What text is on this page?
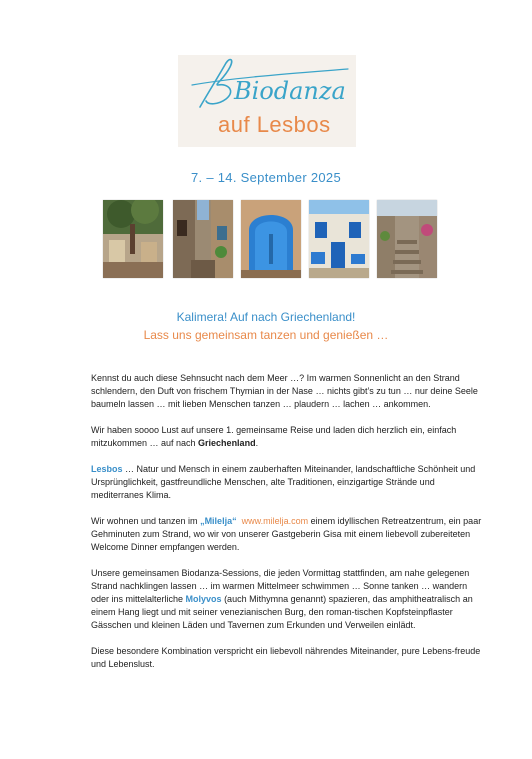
Biodanza
auf Lesbos
7. – 14. September 2025
Kalimera! Auf nach Griechenland!
Lass uns gemeinsam tanzen und genießen …

Kennst du auch diese Sehnsucht nach dem Meer …? Im warmen Sonnenlicht an den Strand schlendern, den Duft von frischem Thymian in der Nase … nichts gibt’s zu tun … nur deine Seele baumeln lassen … mit lieben Menschen tanzen … plaudern … lachen … ankommen.

Wir haben soooo Lust auf unsere 1. gemeinsame Reise und laden dich herzlich ein, einfach mitzukommen … auf nach Griechenland.

Lesbos … Natur und Mensch in einem zauberhaften Miteinander, landschaftliche Schönheit und Ursprünglichkeit, gastfreundliche Menschen, alte Traditionen, einzigartige Strände und mediterranes Klima.

Wir wohnen und tanzen im „Milelja“ www.milelja.com einem idyllischen Retreatzentrum, ein paar Gehminuten zum Strand, wo wir von unserer Gastgeberin Gisa mit einem liebevoll zubereiteten Welcome Dinner empfangen werden.

Unsere gemeinsamen Biodanza-Sessions, die jeden Vormittag stattfinden, am nahe gelegenen Strand nachklingen lassen … im warmen Mittelmeer schwimmen … Sonne tanken … wandern oder ins mittelalterliche Molyvos (auch Mithymna genannt) spazieren, das amphitheatralisch an einem Hang liegt und mit seiner venezianischen Burg, den roman-tischen Kopfsteinpflaster Gässchen und kleinen Läden und Tavernen zum Erkunden und Verweilen einlädt.

Diese besondere Kombination verspricht ein liebevoll nährendes Miteinander, pure Lebens-freude und Lebenslust.
